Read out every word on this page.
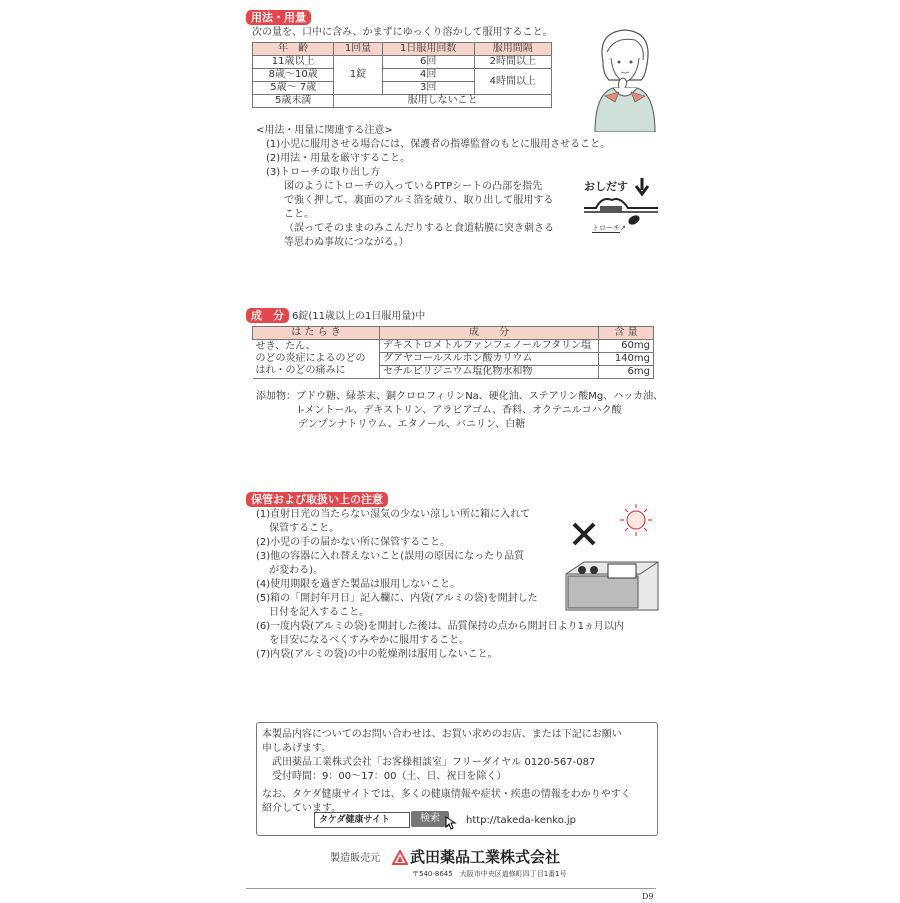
用法・用量
次の量を、口中に含み、かまずにゆっくり溶かして服用すること。
年　齢	1回量	1日服用回数	服用間隔
11歳以上	1錠	6回	2時間以上
8歳～10歳		4回	4時間以上
5歳～ 7歳		3回	
5歳未満	服用しないこと		
<用法・用量に関連する注意>
(1)小児に服用させる場合には、保護者の指導監督のもとに服用させること。
(2)用法・用量を厳守すること。
(3)トローチの取り出し方
図のようにトローチの入っているPTPシートの凸部を指先
で強く押して、裏面のアルミ箔を破り、取り出して服用する
こと。
（誤ってそのままのみこんだりすると食道粘膜に突き刺さる
等思わぬ事故につながる。）
おしだす
トローチ↗
成　分 6錠(11歳以上の1日服用量)中
は た ら き	成　　分	含 量

せき、たん、
のどの炎症によるのどの
はれ・のどの痛みに	デキストロメトルファンフェノールフタリン塩	60mg
	グアヤコールスルホン酸カリウム	140mg
	セチルピリジニウム塩化物水和物	6mg
添加物：ブドウ糖、緑茶末、銅クロロフィリンNa、硬化油、ステアリン酸Mg、ハッカ油、
l-メントール、デキストリン、アラビアゴム、香料、オクテニルコハク酸
デンプンナトリウム、エタノール、バニリン、白糖
保管および取扱い上の注意
(1)直射日光の当たらない湿気の少ない涼しい所に箱に入れて
　 保管すること。
(2)小児の手の届かない所に保管すること。
(3)他の容器に入れ替えないこと(誤用の原因になったり品質
　 が変わる)。
(4)使用期限を過ぎた製品は服用しないこと。
(5)箱の「開封年月日」記入欄に、内袋(アルミの袋)を開封した
　 日付を記入すること。
(6)一度内袋(アルミの袋)を開封した後は、品質保持の点から開封日より1ヵ月以内
　 を目安になるべくすみやかに服用すること。
(7)内袋(アルミの袋)の中の乾燥剤は服用しないこと。
本製品内容についてのお問い合わせは、お買い求めのお店、または下記にお願い
申しあげます。
　武田薬品工業株式会社「お客様相談室」フリーダイヤル 0120-567-087
　受付時間：9：00～17：00（土、日、祝日を除く）
なお、タケダ健康サイトでは、多くの健康情報や症状・疾患の情報をわかりやすく
紹介しています。
タケダ健康サイト	検索	http://takeda-kenko.jp
製造販売元 武田薬品工業株式会社
〒540-8645　大阪市中央区道修町四丁目1番1号
D9
